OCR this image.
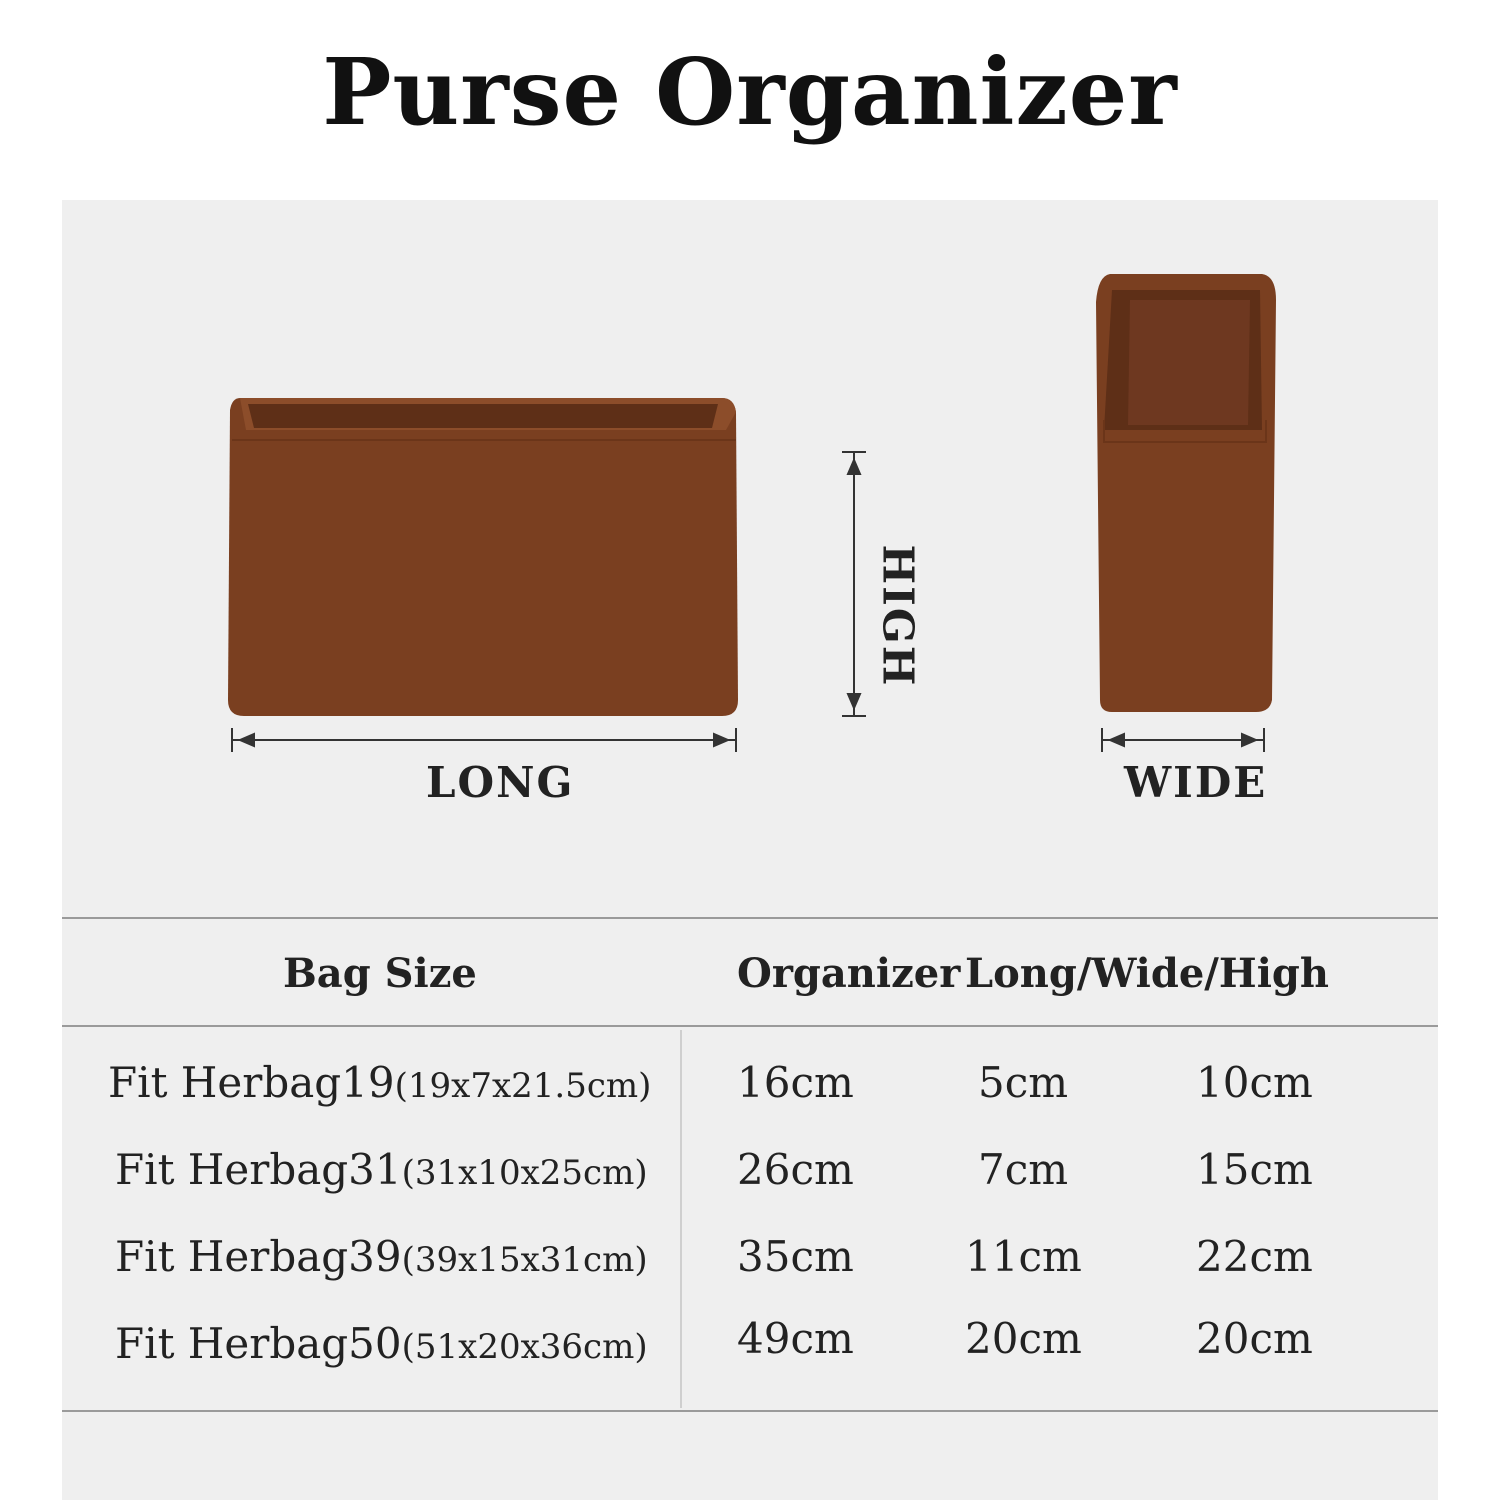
Purse Organizer
LONG
HIGH
WIDE
Bag Size	Organizer Long/Wide/High
Fit Herbag19(19x7x21.5cm) 16cm	5cm	10cm
Fit Herbag31(31x10x25cm) 26cm	7cm	15cm
Fit Herbag39(39x15x31cm) 35cm	11cm	22cm
Fit Herbag50(51x20x36cm) 49cm	20cm	20cm
